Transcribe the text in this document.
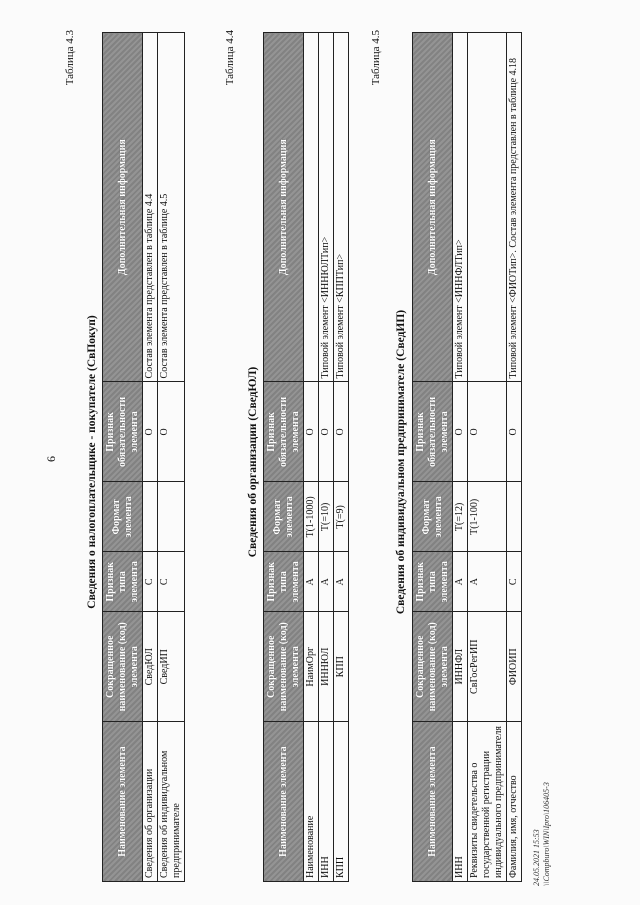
6
Таблица 4.3
Сведения о налогоплательщике - покупателе (СвПокуп)
Наименование элемента	Сокращенное наименование (код) элемента	Признак типа элемента	Формат элемента	Признак обязательности элемента	Дополнительная информация
Сведения об организации	СведЮЛ	С		О	Состав элемента представлен в таблице 4.4
Сведения об индивидуальном предпринимателе	СведИП	С		О	Состав элемента представлен в таблице 4.5
Таблица 4.4
Сведения об организации (СведЮЛ)
Наименование элемента	Сокращенное наименование (код) элемента	Признак типа элемента	Формат элемента	Признак обязательности элемента	Дополнительная информация
Наименование	НаимОрг	А	T(1-1000)	О	
ИНН	ИННЮЛ	А	T(=10)	О	Типовой элемент <ИННЮЛТип>
КПП	КПП	А	T(=9)	О	Типовой элемент <КППТип>
Таблица 4.5
Сведения об индивидуальном предпринимателе (СведИП)
Наименование элемента	Сокращенное наименование (код) элемента	Признак типа элемента	Формат элемента	Признак обязательности элемента	Дополнительная информация
ИНН	ИННФЛ	А	T(=12)	О	Типовой элемент <ИННФЛТип>
Реквизиты свидетельства о государственной регистрации индивидуального предпринимателя	СвГосРегИП	А	T(1-100)	О	
Фамилия, имя, отчество	ФИОИП	С		О	Типовой элемент <ФИОТип>. Состав элемента представлен в таблице 4.18
24.05.2021 15:53 \\Compburo\WIN\Ipro\106405-3
